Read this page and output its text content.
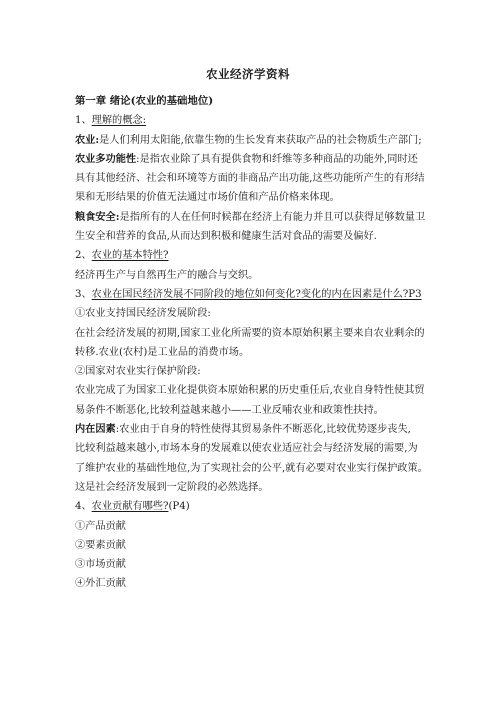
农业经济学资料
第一章 绪论(农业的基础地位)
1、理解的概念:
农业:是人们利用太阳能,依靠生物的生长发育来获取产品的社会物质生产部门;
农业多功能性:是指农业除了具有提供食物和纤维等多种商品的功能外,同时还
具有其他经济、社会和环境等方面的非商品产出功能,这些功能所产生的有形结
果和无形结果的价值无法通过市场价值和产品价格来体现。
粮食安全:是指所有的人在任何时候都在经济上有能力并且可以获得足够数量卫
生安全和营养的食品,从而达到积极和健康生活对食品的需要及偏好.
2、农业的基本特性?
经济再生产与自然再生产的融合与交织。
3、农业在国民经济发展不同阶段的地位如何变化?变化的内在因素是什么?P3
①农业支持国民经济发展阶段:
在社会经济发展的初期,国家工业化所需要的资本原始积累主要来自农业剩余的
转移.农业(农村)是工业品的消费市场。
②国家对农业实行保护阶段:
农业完成了为国家工业化提供资本原始积累的历史重任后,农业自身特性使其贸
易条件不断恶化,比较利益越来越小——工业反哺农业和政策性扶持。
内在因素:农业由于自身的特性使得其贸易条件不断恶化,比较优势逐步丧失,
比较利益越来越小,市场本身的发展难以使农业适应社会与经济发展的需要,为
了维护农业的基础性地位,为了实现社会的公平,就有必要对农业实行保护政策。
这是社会经济发展到一定阶段的必然选择。
4、农业贡献有哪些?(P4)
①产品贡献
②要素贡献
③市场贡献
④外汇贡献
